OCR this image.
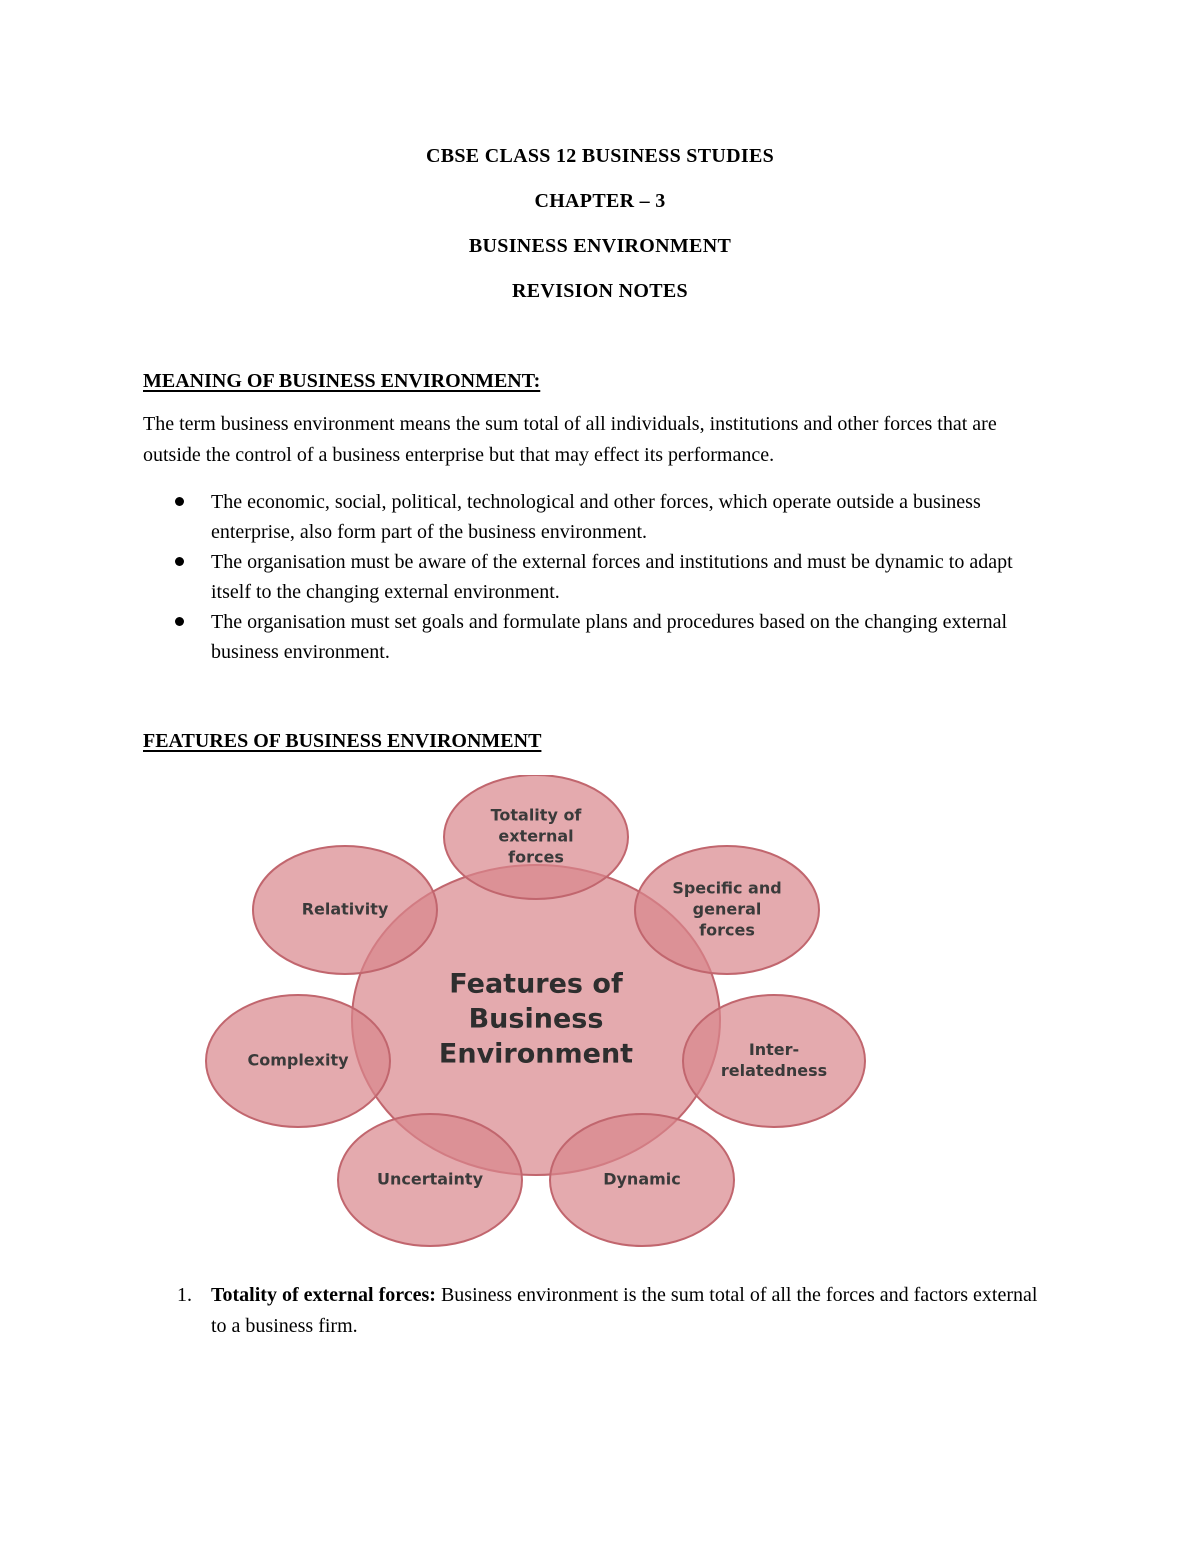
CBSE CLASS 12 BUSINESS STUDIES
CHAPTER – 3
BUSINESS ENVIRONMENT
REVISION NOTES
MEANING OF BUSINESS ENVIRONMENT:
The term business environment means the sum total of all individuals, institutions and other forces that are outside the control of a business enterprise but that may effect its performance.
The economic, social, political, technological and other forces, which operate outside a business enterprise, also form part of the business environment.
The organisation must be aware of the external forces and institutions and must be dynamic to adapt itself to the changing external environment.
The organisation must set goals and formulate plans and procedures based on the changing external business environment.
FEATURES OF BUSINESS ENVIRONMENT
Features of Business Environment
Totality of external forces
Specific and general forces
Inter-relatedness
Dynamic
Uncertainty
Complexity
Relativity
1. Totality of external forces: Business environment is the sum total of all the forces and factors external to a business firm.
